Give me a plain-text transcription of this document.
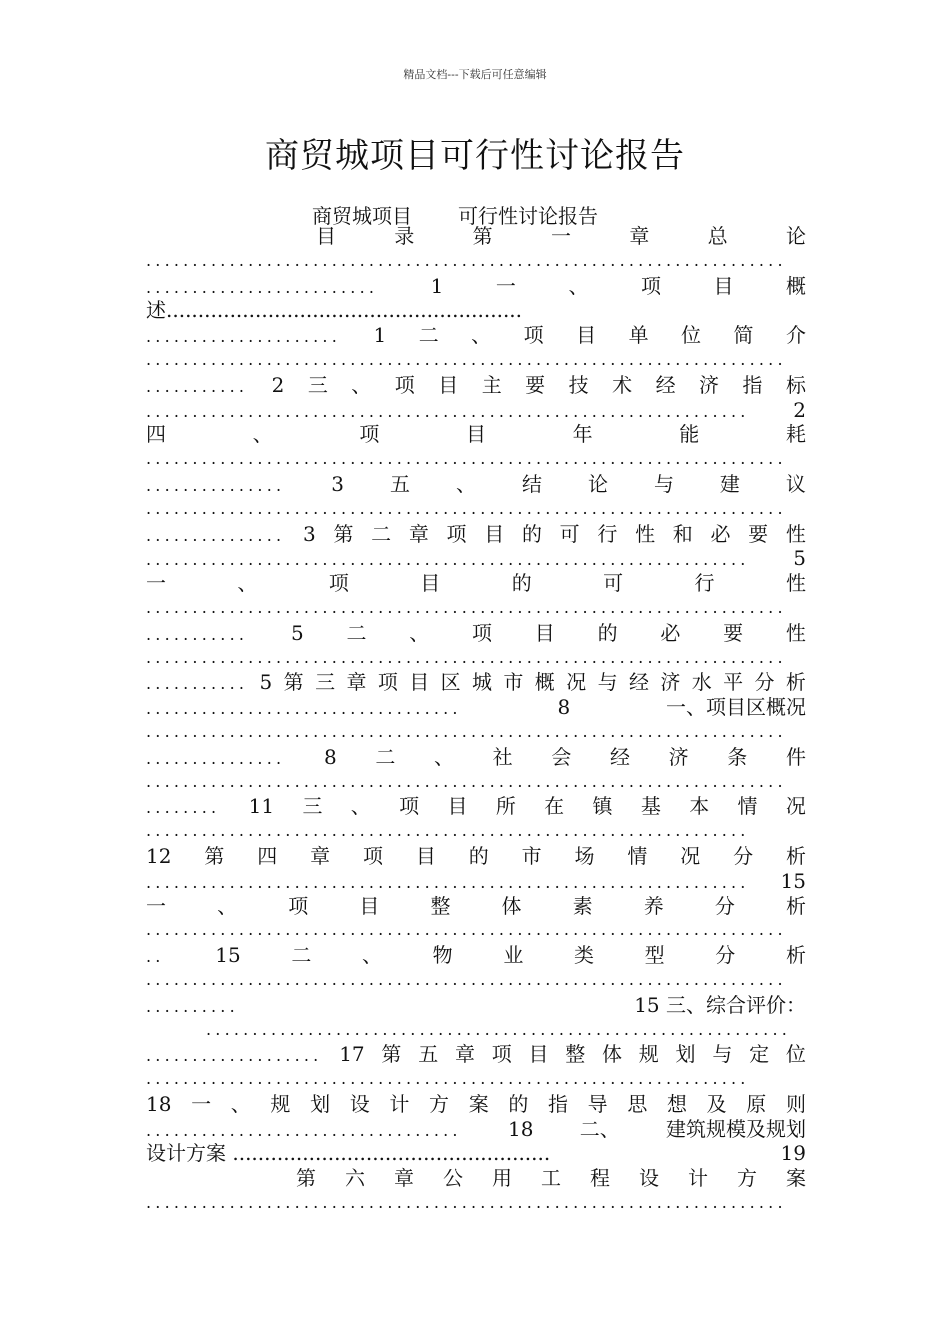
精品文档---下载后可任意编辑
商贸城项目可行性讨论报告
商贸城项目 可行性讨论报告
目	录	第	一	章	总	论
.....................................................................
.........................	1	一	、	项	目	概
述........................................................
..................... 1 二 、 项 目 单 位 简 介
.....................................................................
........... 2 三 、 项 目 主 要 技 术 经 济 指 标
................................................................. 2
四	、	项	目	年	能	耗
.....................................................................
............... 3 五 、 结 论 与 建 议
.....................................................................
............... 3 第 二 章 项 目 的 可 行 性 和 必 要 性
................................................................. 5
一	、	项	目	的	可	行	性
.....................................................................
........... 5 二 、 项 目 的 必 要 性
.....................................................................
........... 5 第 三 章 项 目 区 城 市 概 况 与 经 济 水 平 分 析
..................................	8	一、项目区概况
.....................................................................
............... 8 二 、 社 会 经 济 条 件
.....................................................................
........ 11 三 、 项 目 所 在 镇 基 本 情 况
.................................................................
12 第 四 章 项 目 的 市 场 情 况 分 析
................................................................. 15
一	、	项	目	整	体	素	养	分	析
.....................................................................
..	15	二	、	物	业	类	型	分	析
.....................................................................
..........	15 三、综合评价：
...............................................................
................... 17 第 五 章 项 目 整 体 规 划 与 定 位
.................................................................
18 一 、 规 划 设 计 方 案 的 指 导 思 想 及 原 则
.................................. 18 二、 建筑规模及规划
设计方案 ..................................................	19
第 六 章 公 用 工 程 设 计 方 案
.....................................................................
